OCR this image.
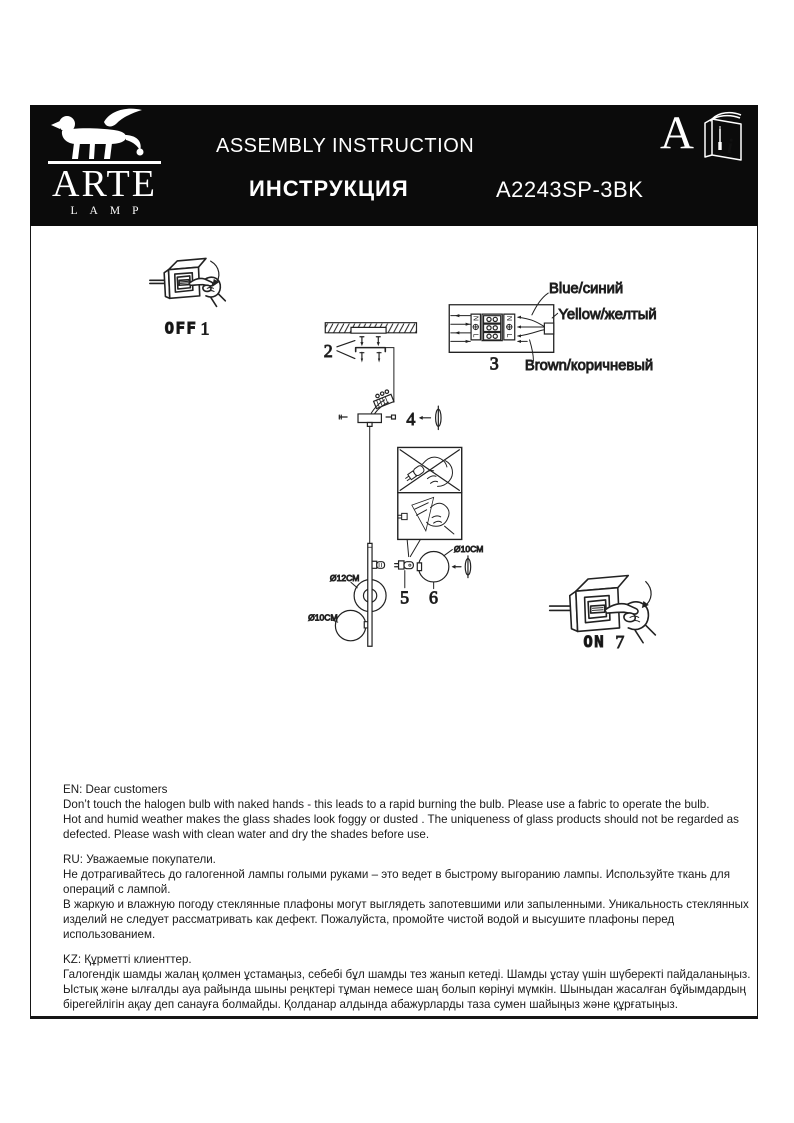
ARTE
LAMP
ASSEMBLY INSTRUCTION
ИНСТРУКЦИЯ	A2243SP-3BK
A i
OFF 1
2
4
5
Ø10CM
6
Ø12CM
Ø10CM
N
L
N
L
3
Blue/синий
Yellow/желтый
Brown/коричневый
ON 7
EN: Dear customers
Don’t touch the halogen bulb with naked hands - this leads to a rapid burning the bulb. Please use a fabric to operate the bulb.
Hot and humid weather makes the glass shades look foggy or dusted . The uniqueness of glass products should not be regarded as
defected. Please wash with clean water and dry the shades before use.
RU: Уважаемые покупатели.
Не дотрагивайтесь до галогенной лампы голыми руками – это ведет в быстрому выгоранию лампы. Используйте ткань для
операций с лампой.
В жаркую и влажную погоду стеклянные плафоны могут выглядеть запотевшими или запыленными. Уникальность стеклянных
изделий не следует рассматривать как дефект. Пожалуйста, промойте чистой водой и высушите плафоны перед
использованием.
KZ: Құрметті клиенттер.
Галогендік шамды жалаң қолмен ұстамаңыз, себебі бұл шамды тез жанып кетеді. Шамды ұстау үшін шүберекті пайдаланыңыз.
Ыстық және ылғалды ауа райында шыны реңктері тұман немесе шаң болып көрінуі мүмкін. Шыныдан жасалған бұйымдардың
бірегейлігін ақау деп санауға болмайды. Қолданар алдында абажурларды таза сумен шайыңыз және құрғатыңыз.
